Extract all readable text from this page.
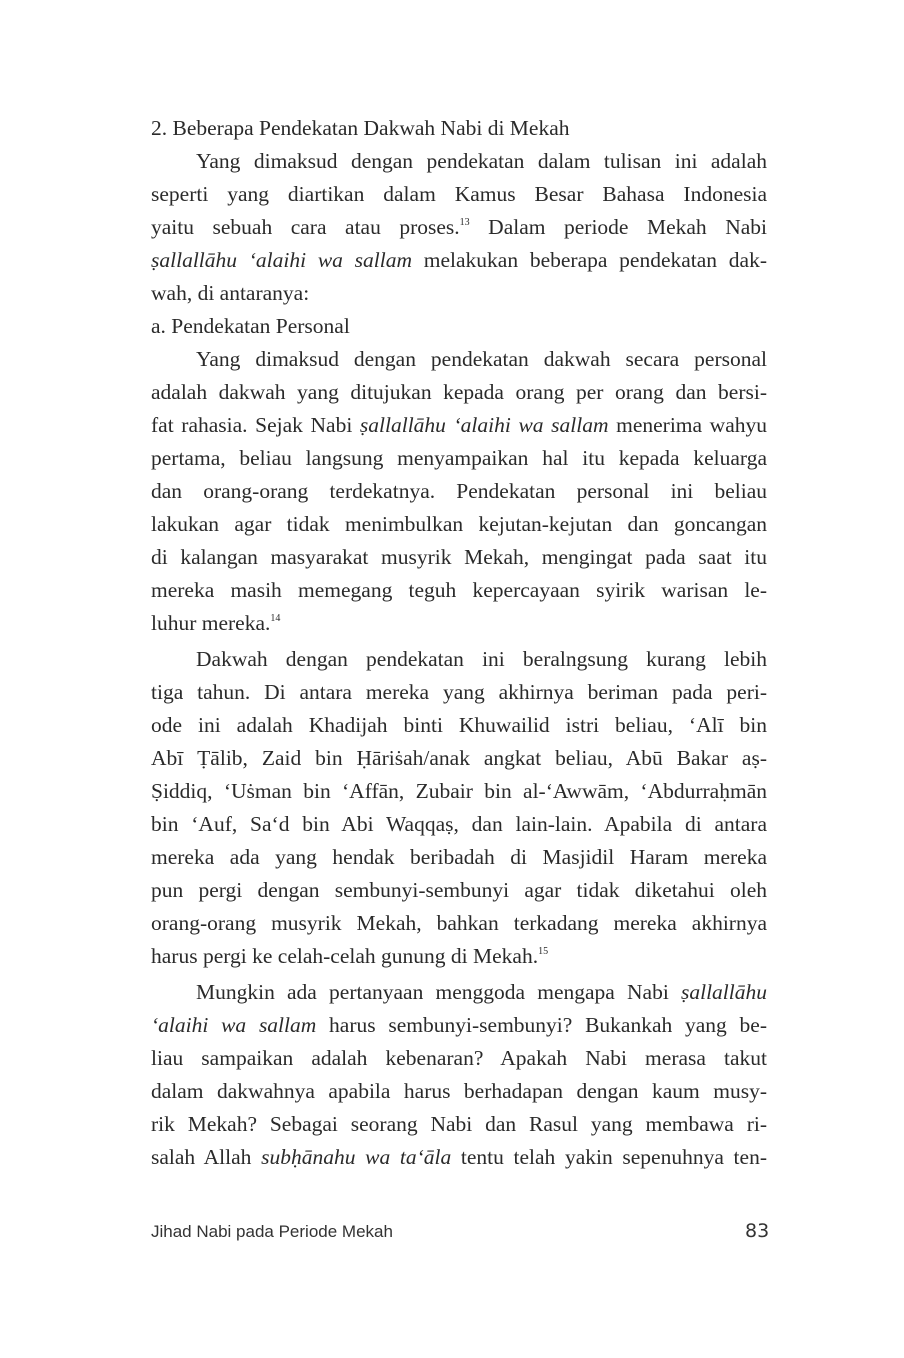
2. Beberapa Pendekatan Dakwah Nabi di Mekah
Yang dimaksud dengan pendekatan dalam tulisan ini adalah
seperti yang diartikan dalam Kamus Besar Bahasa Indonesia
yaitu sebuah cara atau proses.$^{13}$ Dalam periode Mekah Nabi
ṣallallāhu ‘alaihi wa sallam melakukan beberapa pendekatan dak-
wah, di antaranya:
a. Pendekatan Personal
Yang dimaksud dengan pendekatan dakwah secara personal
adalah dakwah yang ditujukan kepada orang per orang dan bersi-
fat rahasia. Sejak Nabi ṣallallāhu ‘alaihi wa sallam menerima wahyu
pertama, beliau langsung menyampaikan hal itu kepada keluarga
dan orang-orang terdekatnya. Pendekatan personal ini beliau
lakukan agar tidak menimbulkan kejutan-kejutan dan goncangan
di kalangan masyarakat musyrik Mekah, mengingat pada saat itu
mereka masih memegang teguh kepercayaan syirik warisan le-
luhur mereka.$^{14}$
Dakwah dengan pendekatan ini beralngsung kurang lebih
tiga tahun. Di antara mereka yang akhirnya beriman pada peri-
ode ini adalah Khadijah binti Khuwailid istri beliau, ‘Alī bin
Abī Ṭālib, Zaid bin Ḥāriṡah/anak angkat beliau, Abū Bakar aṣ-
Ṣiddiq, ‘Uṡman bin ‘Affān, Zubair bin al-‘Awwām, ‘Abdurraḥmān
bin ‘Auf, Sa‘d bin Abi Waqqaṣ, dan lain-lain. Apabila di antara
mereka ada yang hendak beribadah di Masjidil Haram mereka
pun pergi dengan sembunyi-sembunyi agar tidak diketahui oleh
orang-orang musyrik Mekah, bahkan terkadang mereka akhirnya
harus pergi ke celah-celah gunung di Mekah.$^{15}$
Mungkin ada pertanyaan menggoda mengapa Nabi ṣallallāhu
‘alaihi wa sallam harus sembunyi-sembunyi? Bukankah yang be-
liau sampaikan adalah kebenaran? Apakah Nabi merasa takut
dalam dakwahnya apabila harus berhadapan dengan kaum musy-
rik Mekah? Sebagai seorang Nabi dan Rasul yang membawa ri-
salah Allah subḥānahu wa ta‘āla tentu telah yakin sepenuhnya ten-
Jihad Nabi pada Periode Mekah	83
